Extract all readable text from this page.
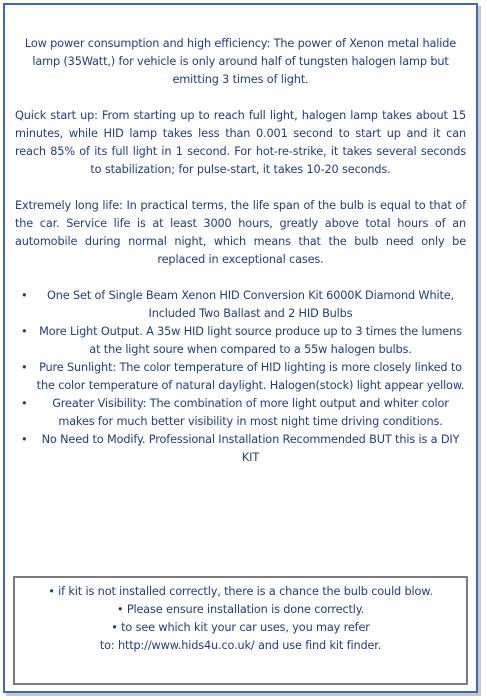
Low power consumption and high efficiency: The power of Xenon metal halide lamp (35Watt,) for vehicle is only around half of tungsten halogen lamp but emitting 3 times of light.

Quick start up: From starting up to reach full light, halogen lamp takes about 15 minutes, while HID lamp takes less than 0.001 second to start up and it can reach 85% of its full light in 1 second. For hot-re-strike, it takes several seconds to stabilization; for pulse-start, it takes 10-20 seconds.

Extremely long life: In practical terms, the life span of the bulb is equal to that of the car. Service life is at least 3000 hours, greatly above total hours of an automobile during normal night, which means that the bulb need only be replaced in exceptional cases.

• One Set of Single Beam Xenon HID Conversion Kit 6000K Diamond White, Included Two Ballast and 2 HID Bulbs
• More Light Output. A 35w HID light source produce up to 3 times the lumens at the light soure when compared to a 55w halogen bulbs.
• Pure Sunlight: The color temperature of HID lighting is more closely linked to the color temperature of natural daylight. Halogen(stock) light appear yellow.
• Greater Visibility: The combination of more light output and whiter color makes for much better visibility in most night time driving conditions.
• No Need to Modify. Professional Installation Recommended BUT this is a DIY KIT
• if kit is not installed correctly, there is a chance the bulb could blow.
• Please ensure installation is done correctly.
• to see which kit your car uses, you may refer
to: http://www.hids4u.co.uk/ and use find kit finder.
